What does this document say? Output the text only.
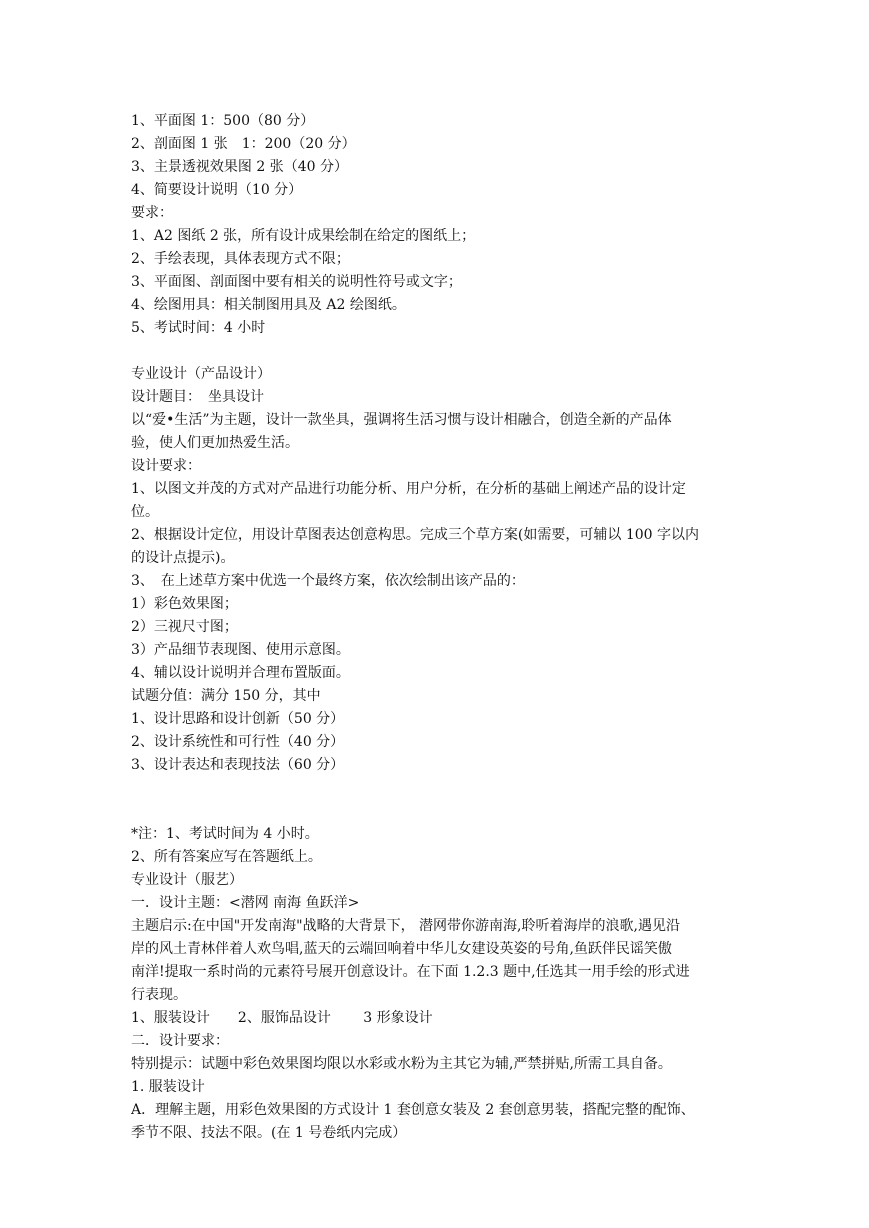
1、平面图 1：500（80 分）
2、剖面图 1 张　1：200（20 分）
3、主景透视效果图 2 张（40 分）
4、简要设计说明（10 分）
要求：
1、A2 图纸 2 张，所有设计成果绘制在给定的图纸上；
2、手绘表现，具体表现方式不限；
3、平面图、剖面图中要有相关的说明性符号或文字；
4、绘图用具：相关制图用具及 A2 绘图纸。
5、考试时间：4 小时
专业设计（产品设计）
设计题目：　坐具设计
以“爱•生活”为主题，设计一款坐具，强调将生活习惯与设计相融合，创造全新的产品体
验，使人们更加热爱生活。
设计要求：
1、以图文并茂的方式对产品进行功能分析、用户分析，在分析的基础上阐述产品的设计定
位。
2、根据设计定位，用设计草图表达创意构思。完成三个草方案(如需要，可辅以 100 字以内
的设计点提示)。
3、　在上述草方案中优选一个最终方案，依次绘制出该产品的：
1）彩色效果图；
2）三视尺寸图；
3）产品细节表现图、使用示意图。
4、辅以设计说明并合理布置版面。
试题分值：满分 150 分，其中
1、设计思路和设计创新（50 分）
2、设计系统性和可行性（40 分）
3、设计表达和表现技法（60 分）
*注：1、考试时间为 4 小时。
2、所有答案应写在答题纸上。
专业设计（服艺）
一．设计主题：<潜网 南海 鱼跃洋>
主题启示:在中国"开发南海"战略的大背景下， 潜网带你游南海,聆听着海岸的浪歌,遇见沿
岸的风土青林伴着人欢鸟唱,蓝天的云端回响着中华儿女建设英姿的号角,鱼跃伴民谣笑傲
南洋!提取一系时尚的元素符号展开创意设计。在下面 1.2.3 题中,任选其一用手绘的形式进
行表现。
1、服装设计　　2、服饰品设计　　 3 形象设计
二．设计要求：
特别提示：试题中彩色效果图均限以水彩或水粉为主其它为辅,严禁拼贴,所需工具自备。
1. 服装设计
A．理解主题，用彩色效果图的方式设计 1 套创意女装及 2 套创意男装，搭配完整的配饰、
季节不限、技法不限。(在 1 号卷纸内完成）
